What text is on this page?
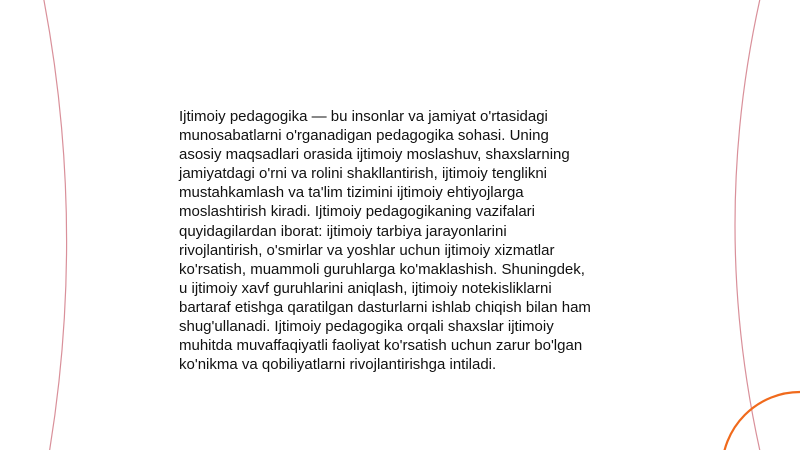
Ijtimoiy pedagogika — bu insonlar va jamiyat o'rtasidagi
munosabatlarni o'rganadigan pedagogika sohasi. Uning
asosiy maqsadlari orasida ijtimoiy moslashuv, shaxslarning
jamiyatdagi o'rni va rolini shakllantirish, ijtimoiy tenglikni
mustahkamlash va ta'lim tizimini ijtimoiy ehtiyojlarga
moslashtirish kiradi. Ijtimoiy pedagogikaning vazifalari
quyidagilardan iborat: ijtimoiy tarbiya jarayonlarini
rivojlantirish, o'smirlar va yoshlar uchun ijtimoiy xizmatlar
ko'rsatish, muammoli guruhlarga ko'maklashish. Shuningdek,
u ijtimoiy xavf guruhlarini aniqlash, ijtimoiy notekisliklarni
bartaraf etishga qaratilgan dasturlarni ishlab chiqish bilan ham
shug'ullanadi. Ijtimoiy pedagogika orqali shaxslar ijtimoiy
muhitda muvaffaqiyatli faoliyat ko'rsatish uchun zarur bo'lgan
ko'nikma va qobiliyatlarni rivojlantirishga intiladi.
